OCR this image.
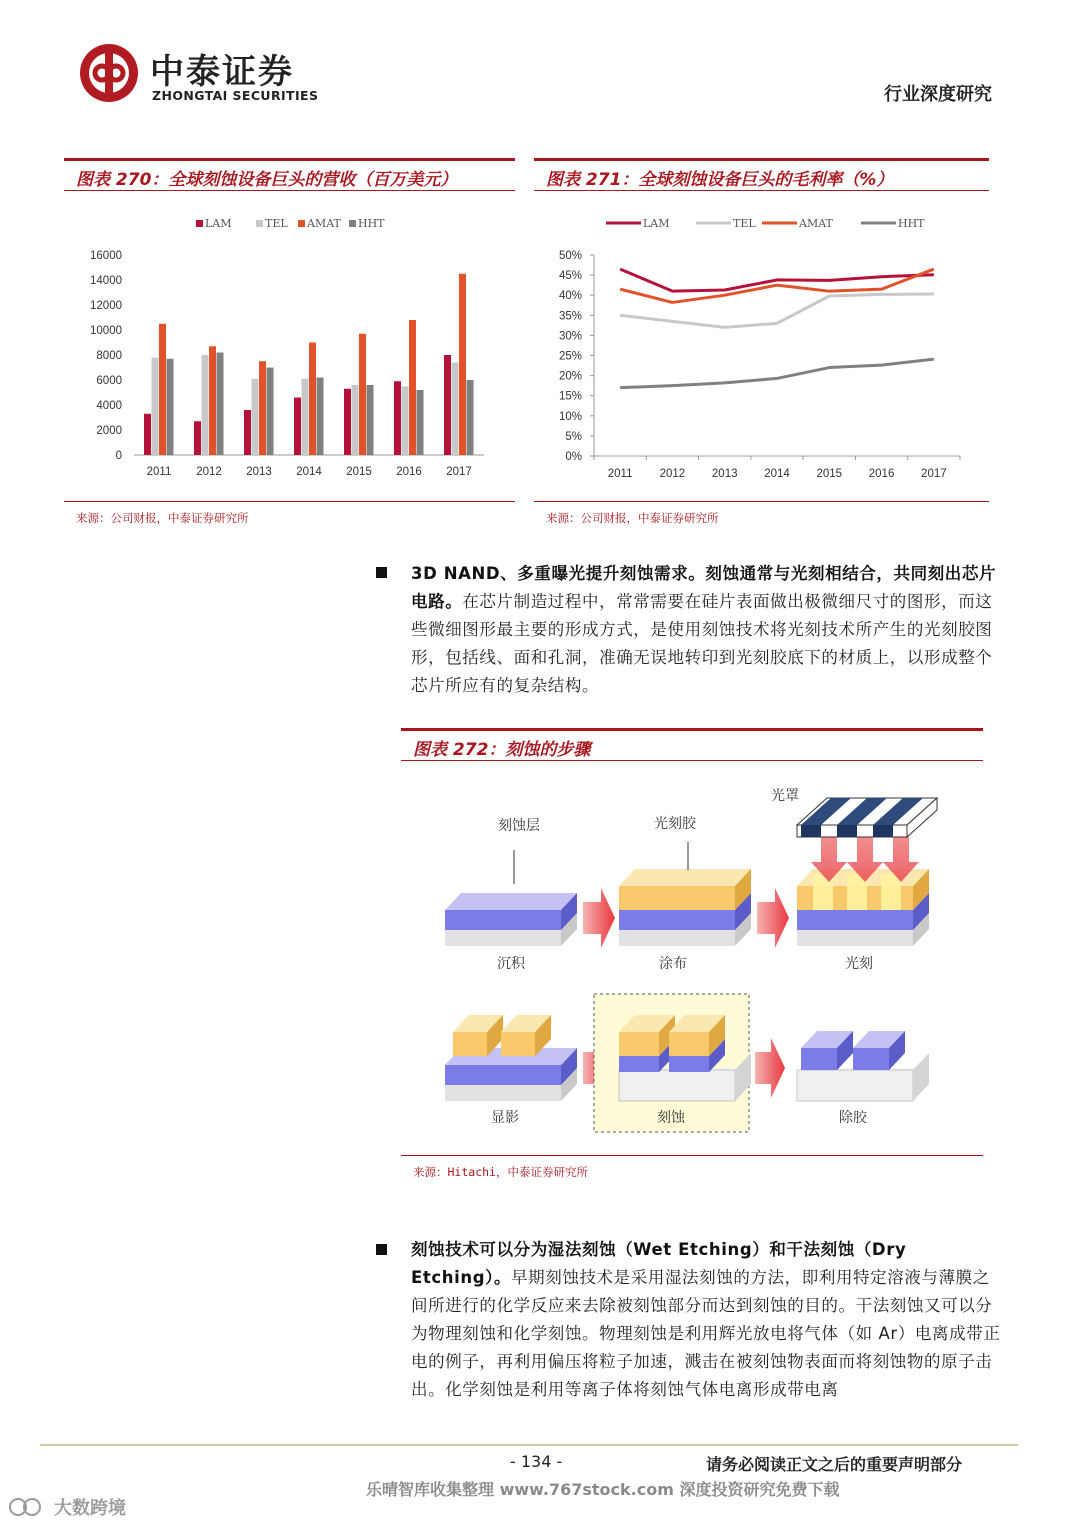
中泰证券
ZHONGTAI SECURITIES	行业深度研究
图表 270：全球刻蚀设备巨头的营收（百万美元）
LAM	TEL AMAT HHT
0
2000
4000
6000
8000
10000
12000
14000
16000
2011 2012 2013 2014 2015 2016 2017
来源：公司财报，中泰证券研究所
图表 271：全球刻蚀设备巨头的毛利率（%）
LAM	TEL	AMAT	HHT
0%
5%
10%
15%
20%
25%
30%
35%
40%
45%
50%
2011 2012 2013 2014 2015 2016 2017
来源：公司财报，中泰证券研究所
3D NAND、多重曝光提升刻蚀需求。刻蚀通常与光刻相结合，共同刻出芯片电路。在芯片制造过程中，常常需要在硅片表面做出极微细尺寸的图形，而这些微细图形最主要的形成方式，是使用刻蚀技术将光刻技术所产生的光刻胶图形，包括线、面和孔洞，准确无误地转印到光刻胶底下的材质上，以形成整个芯片所应有的复杂结构。
图表 272：刻蚀的步骤
刻蚀层
沉积
光刻胶
涂布
光罩
光刻
显影	刻蚀	除胶
来源：Hitachi，中泰证券研究所
刻蚀技术可以分为湿法刻蚀（Wet Etching）和干法刻蚀（Dry Etching）。早期刻蚀技术是采用湿法刻蚀的方法，即利用特定溶液与薄膜之间所进行的化学反应来去除被刻蚀部分而达到刻蚀的目的。干法刻蚀又可以分为物理刻蚀和化学刻蚀。物理刻蚀是利用辉光放电将气体（如 Ar）电离成带正电的例子，再利用偏压将粒子加速，溅击在被刻蚀物表面而将刻蚀物的原子击出。化学刻蚀是利用等离子体将刻蚀气体电离形成带电离
- 134 -	请务必阅读正文之后的重要声明部分
乐晴智库收集整理 www.767stock.com 深度投资研究免费下载
大数跨境
